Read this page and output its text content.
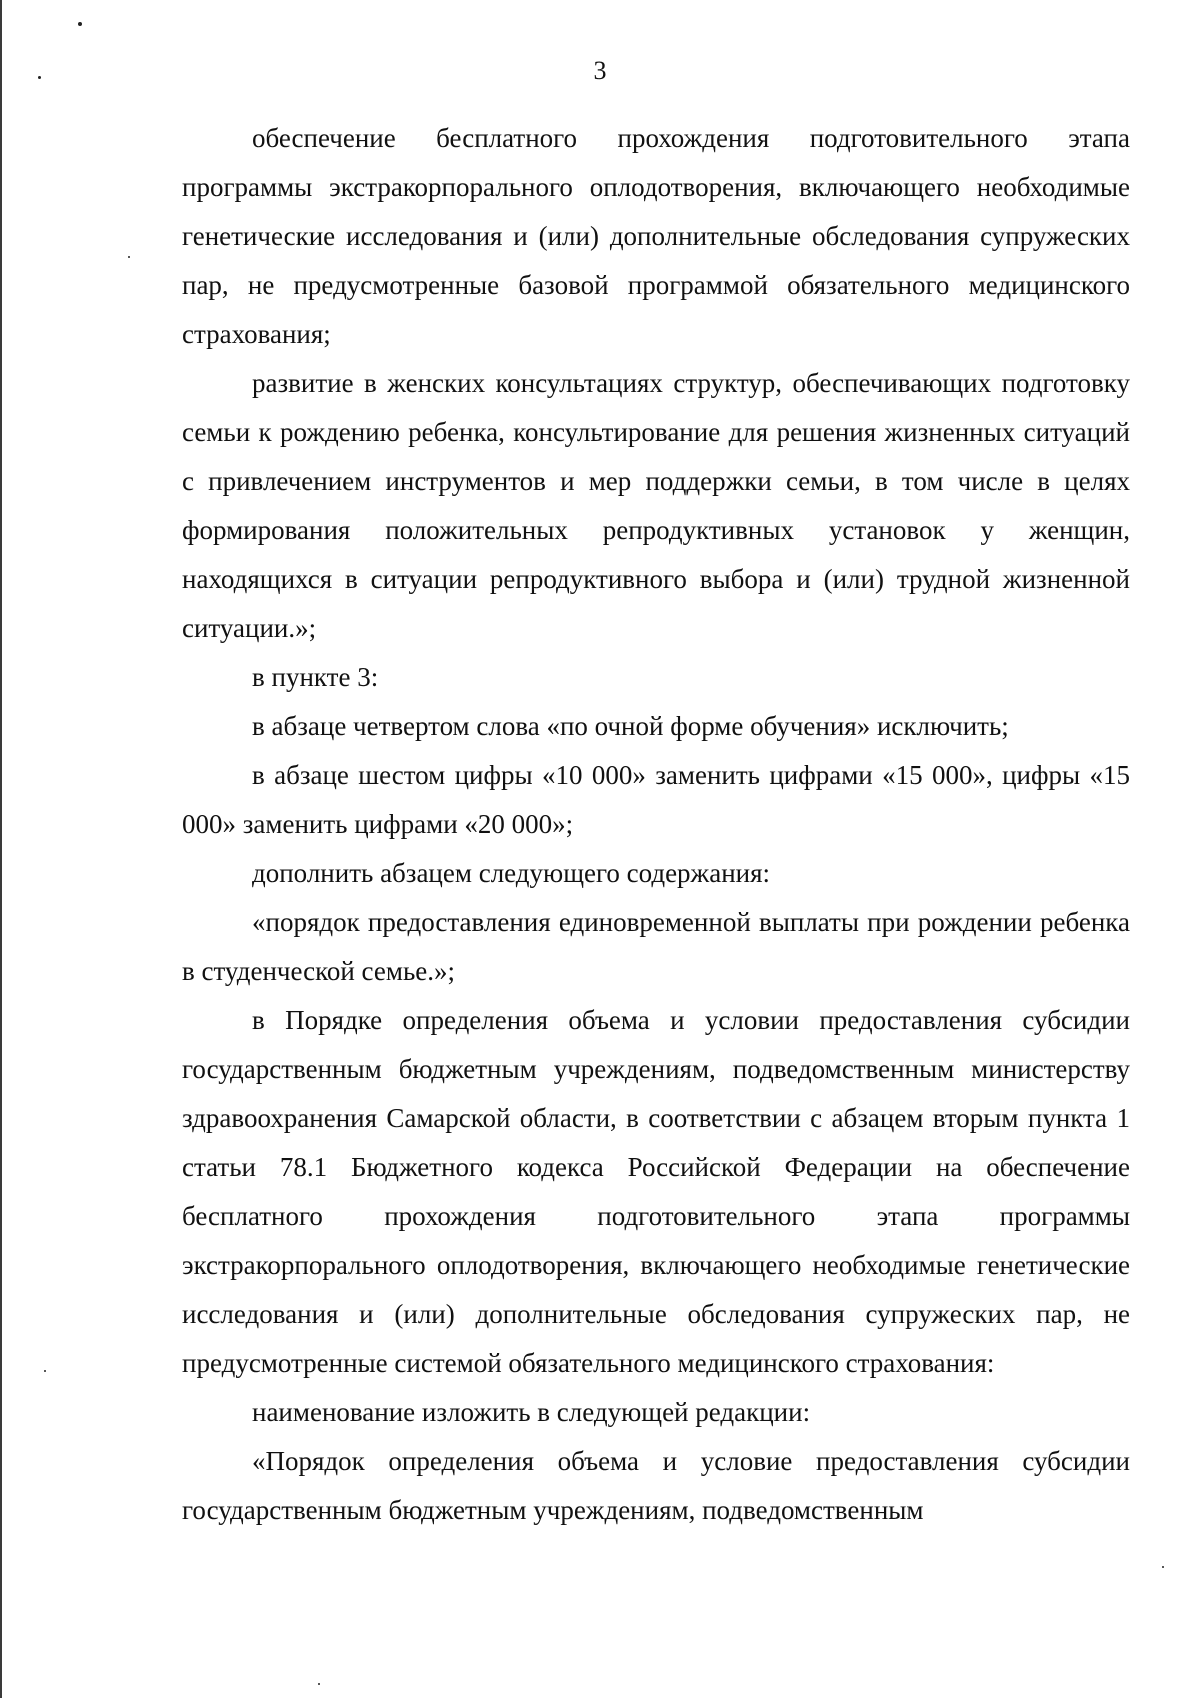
3

обеспечение бесплатного прохождения подготовительного этапа программы экстракорпорального оплодотворения, включающего необходимые генетические исследования и (или) дополнительные обследования супружеских пар, не предусмотренные базовой программой обязательного медицинского страхования;

развитие в женских консультациях структур, обеспечивающих подготовку семьи к рождению ребенка, консультирование для решения жизненных ситуаций с привлечением инструментов и мер поддержки семьи, в том числе в целях формирования положительных репродуктивных установок у женщин, находящихся в ситуации репродуктивного выбора и (или) трудной жизненной ситуации.»;

в пункте 3:

в абзаце четвертом слова «по очной форме обучения» исключить;

в абзаце шестом цифры «10 000» заменить цифрами «15 000», цифры «15 000» заменить цифрами «20 000»;

дополнить абзацем следующего содержания:

«порядок предоставления единовременной выплаты при рождении ребенка в студенческой семье.»;

в Порядке определения объема и условии предоставления субсидии государственным бюджетным учреждениям, подведомственным министерству здравоохранения Самарской области, в соответствии с абзацем вторым пункта 1 статьи 78.1 Бюджетного кодекса Российской Федерации на обеспечение бесплатного прохождения подготовительного этапа программы экстракорпорального оплодотворения, включающего необходимые генетические исследования и (или) дополнительные обследования супружеских пар, не предусмотренные системой обязательного медицинского страхования:

наименование изложить в следующей редакции:

«Порядок определения объема и условие предоставления субсидии государственным бюджетным учреждениям, подведомственным
